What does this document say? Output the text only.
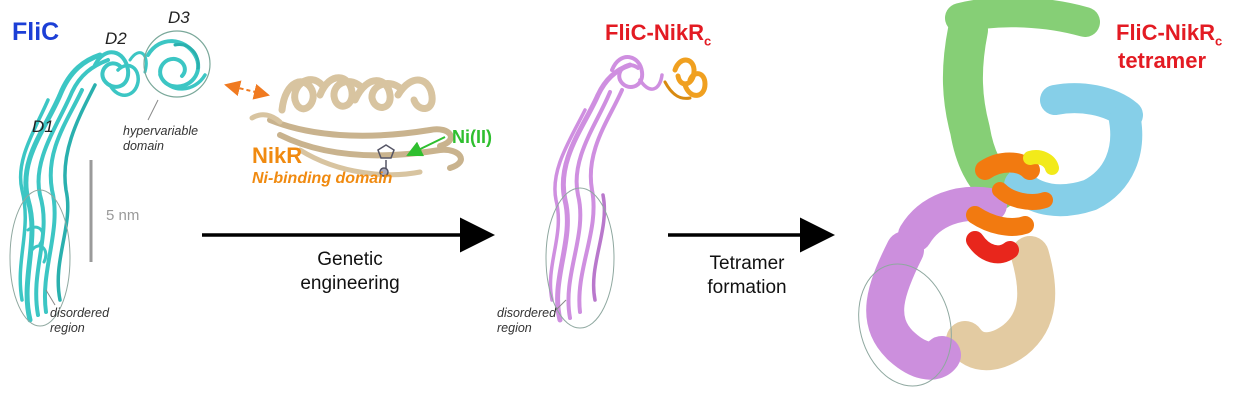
FliC	D2
D3
D1	hypervariable
domain
5 nm
NikR
Ni-binding domain
Ni(II)
disordered
region
Genetic
engineering
FliC-NikR$_c$
disordered
region
Tetramer
formation
FliC-NikR$_c$
tetramer
